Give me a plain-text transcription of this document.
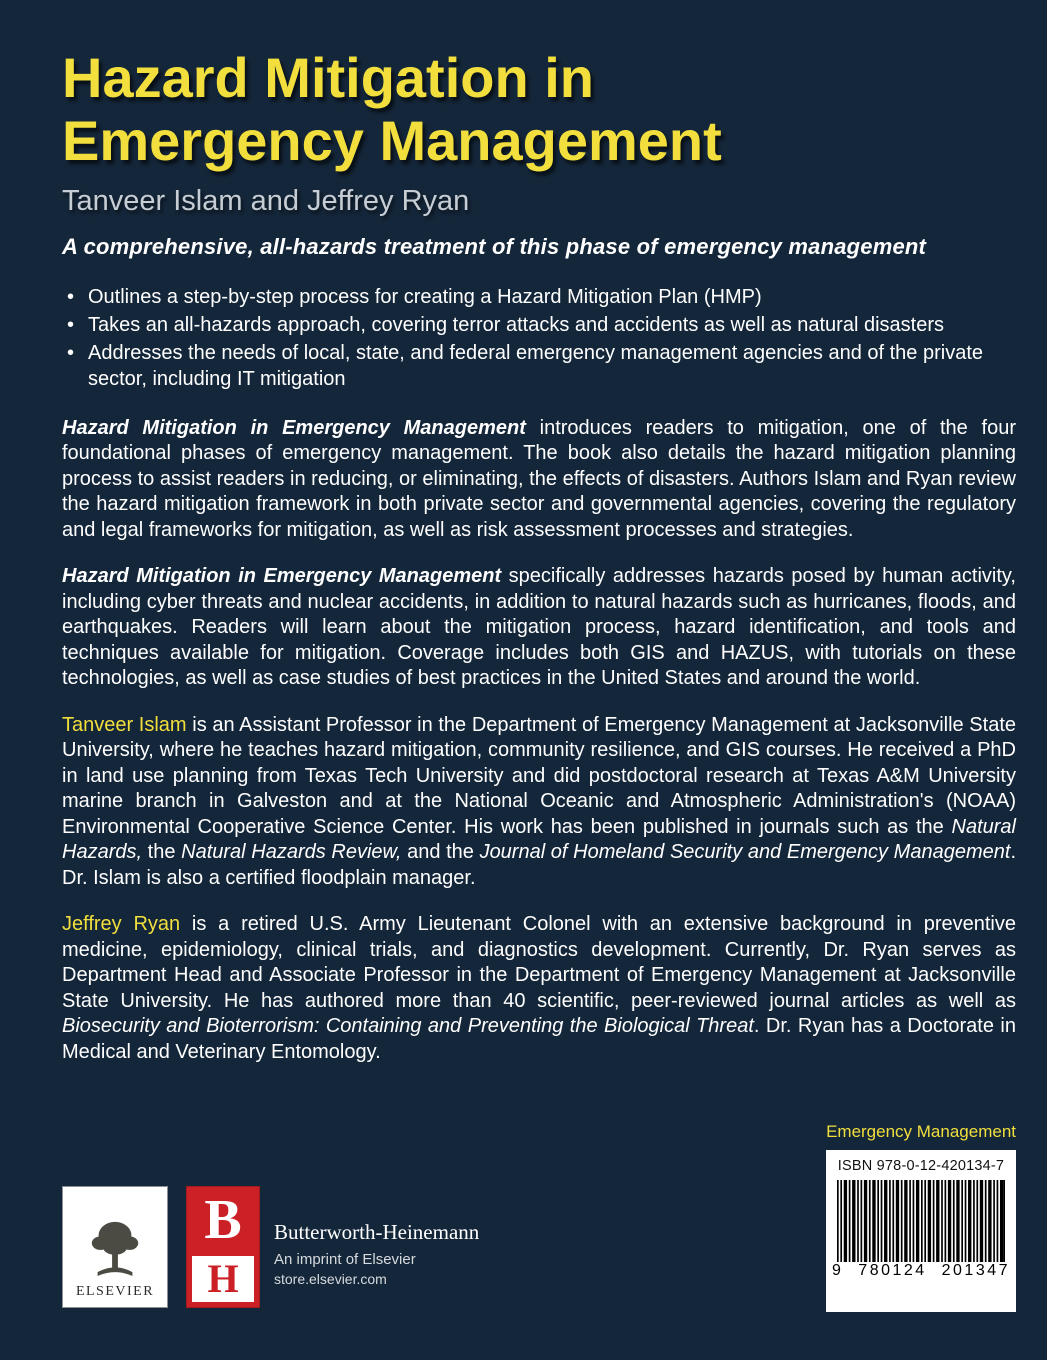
Hazard Mitigation in
Emergency Management
Tanveer Islam and Jeffrey Ryan
A comprehensive, all-hazards treatment of this phase of emergency management
• Outlines a step-by-step process for creating a Hazard Mitigation Plan (HMP)
• Takes an all-hazards approach, covering terror attacks and accidents as well as natural disasters
• Addresses the needs of local, state, and federal emergency management agencies and of the private sector, including IT mitigation

Hazard Mitigation in Emergency Management introduces readers to mitigation, one of the four foundational phases of emergency management. The book also details the hazard mitigation planning process to assist readers in reducing, or eliminating, the effects of disasters. Authors Islam and Ryan review the hazard mitigation framework in both private sector and governmental agencies, covering the regulatory and legal frameworks for mitigation, as well as risk assessment processes and strategies.

Hazard Mitigation in Emergency Management specifically addresses hazards posed by human activity, including cyber threats and nuclear accidents, in addition to natural hazards such as hurricanes, floods, and earthquakes. Readers will learn about the mitigation process, hazard identification, and tools and techniques available for mitigation. Coverage includes both GIS and HAZUS, with tutorials on these technologies, as well as case studies of best practices in the United States and around the world.

Tanveer Islam is an Assistant Professor in the Department of Emergency Management at Jacksonville State University, where he teaches hazard mitigation, community resilience, and GIS courses. He received a PhD in land use planning from Texas Tech University and did postdoctoral research at Texas A&M University marine branch in Galveston and at the National Oceanic and Atmospheric Administration's (NOAA) Environmental Cooperative Science Center. His work has been published in journals such as the Natural Hazards, the Natural Hazards Review, and the Journal of Homeland Security and Emergency Management. Dr. Islam is also a certified floodplain manager.

Jeffrey Ryan is a retired U.S. Army Lieutenant Colonel with an extensive background in preventive medicine, epidemiology, clinical trials, and diagnostics development. Currently, Dr. Ryan serves as Department Head and Associate Professor in the Department of Emergency Management at Jacksonville State University. He has authored more than 40 scientific, peer-reviewed journal articles as well as Biosecurity and Bioterrorism: Containing and Preventing the Biological Threat. Dr. Ryan has a Doctorate in Medical and Veterinary Entomology.

Emergency Management
ELSEVIER
B
H
Butterworth-Heinemann
An imprint of Elsevier
store.elsevier.com
ISBN 978-0-12-420134-7
9 780124 201347
